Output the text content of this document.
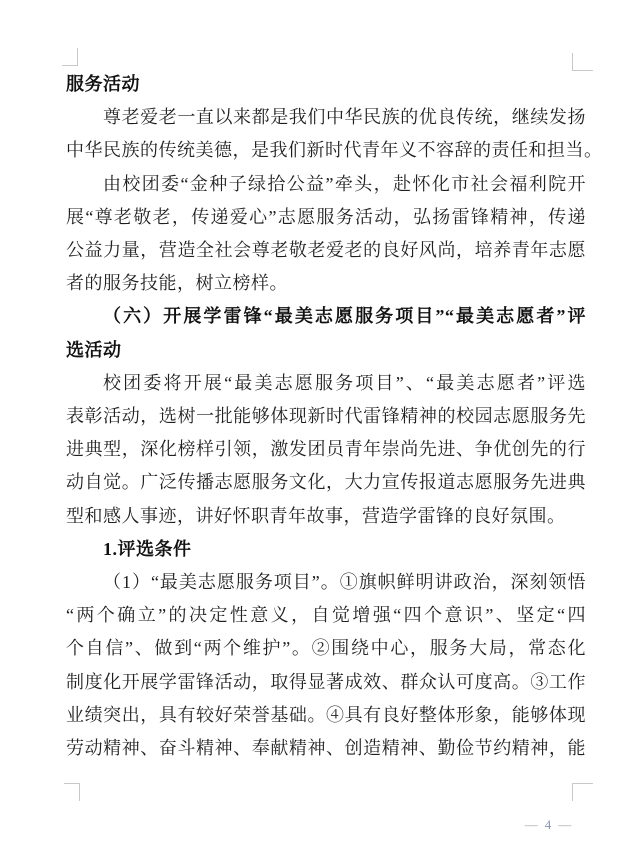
服务活动
尊老爱老一直以来都是我们中华民族的优良传统，继续发扬
中华民族的传统美德，是我们新时代青年义不容辞的责任和担当。
由校团委“金种子绿拾公益”牵头，赴怀化市社会福利院开
展“尊老敬老，传递爱心”志愿服务活动，弘扬雷锋精神，传递
公益力量，营造全社会尊老敬老爱老的良好风尚，培养青年志愿
者的服务技能，树立榜样。
（六）开展学雷锋“最美志愿服务项目”“最美志愿者”评
选活动
校团委将开展“最美志愿服务项目”、“最美志愿者”评选
表彰活动，选树一批能够体现新时代雷锋精神的校园志愿服务先
进典型，深化榜样引领，激发团员青年崇尚先进、争优创先的行
动自觉。广泛传播志愿服务文化，大力宣传报道志愿服务先进典
型和感人事迹，讲好怀职青年故事，营造学雷锋的良好氛围。
1.评选条件
（1）“最美志愿服务项目”。①旗帜鲜明讲政治，深刻领悟
“两个确立”的决定性意义，自觉增强“四个意识”、坚定“四
个自信”、做到“两个维护”。②围绕中心，服务大局，常态化
制度化开展学雷锋活动，取得显著成效、群众认可度高。③工作
业绩突出，具有较好荣誉基础。④具有良好整体形象，能够体现
劳动精神、奋斗精神、奉献精神、创造精神、勤俭节约精神，能
— 4 —
